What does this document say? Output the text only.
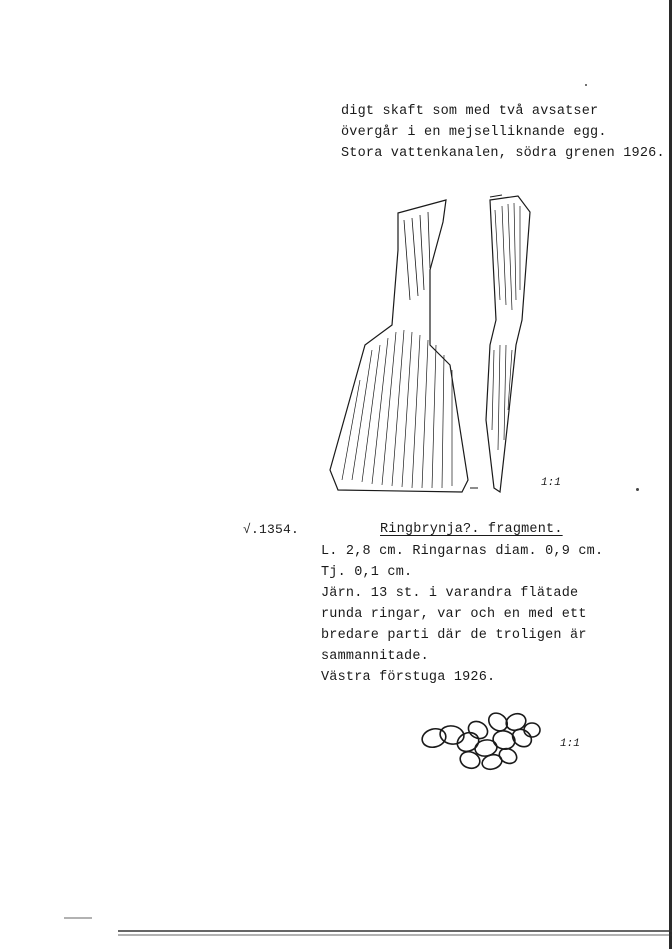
digt skaft som med två avsatser
övergår i en mejselliknande egg.
Stora vattenkanalen, södra grenen 1926.
1:1
√.1354.	Ringbrynja?. fragment.
L. 2,8 cm. Ringarnas diam. 0,9 cm.
Tj. 0,1 cm.
Järn. 13 st. i varandra flätade
runda ringar, var och en med ett
bredare parti där de troligen är
sammannitade.
Västra förstuga 1926.
1:1
